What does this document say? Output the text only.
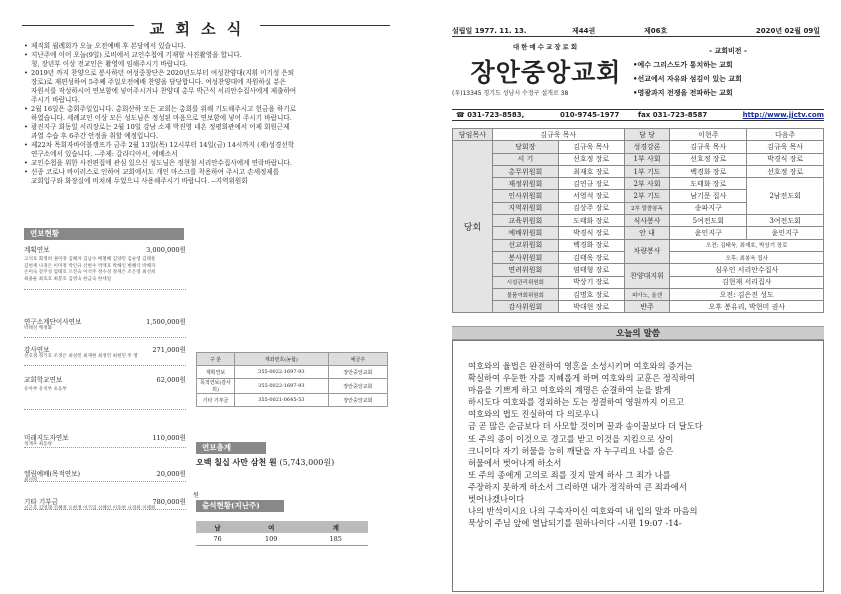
교 회 소 식
• 제직회 월례회가 오늘 오전예배 후 본당에서 있습니다.
• 지난주에 이어 오늘(9일) 로비에서 교인수첩에 기재할 사진촬영을 합니다.
청, 장년부 이상 전교인은 촬영에 임해주시기 바랍니다.
• 2019년 까지 찬양으로 봉사하던 여성중창단은 2020년도부터 여성찬양대(지휘 이기성 은퇴
장로)로 재편성하여 5주째 주일오전예배 찬양을 담당합니다. 여성찬양대에 자원하실 분은
자원서를 작성하시어 연보함에 넣어주시거나 찬양대 총무 박근식 서리안수집사에게 제출하여
주시기 바랍니다.
• 2월 16일은 총회주일입니다. 총회산하 모든 교회는 총회를 위해 기도해주시고 헌금을 하기로
하였습니다. 세례교인 이상 모든 성도님은 정성된 마음으로 연보함에 넣어 주시기 바랍니다.
• 광진지구 회동일 서리장로는 2월 10일 강남 소재 박진영 네온 정평회관에서 어제 회원근제
과열 수습 후 6주간 안정을 취할 예정입니다.
• 제22차 목회자바이블캠프가 금주 2월 13일(목) 12시부터 14일(금) 14시까지 (재)성경선학
연구소에서 있습니다. --주제: 갈라디아서, 에베소서
• 교인수첩을 위한 사전편집에 관심 있으신 성도님은 정현철 서리안수집사에게 연락바랍니다.
• 신종 코로나 바이러스로 인하여 교회에서도 개인 마스크를 착용하여 주시고 손세정제를
교회입구와 화장실에 비치해 두었으니 사용해주시기 바랍니다. --지역위원회
연보현황
계획연보	3,000,000원
고석호 회정희 권미정 김혜자 김남수 배철혜 김양민 김순영 김태훈
김현세 나경은 이미정 박인규 신현수 박재호 박해인 변혜식 박해자
손미숙 강주성 엄태호 오진숙 이석주 정수성 정재은 조은영 최선희
최용운 최호호 최봉호 김영숙 한금숙 한세일
연구소계단이사연보	1,500,000원
박태선 백정화
감사연보	271,000원
선호정 정기호 조정은 최성민 최재현 최정민 최현민 무 명
교회학교연보	62,000원
유아부 유치부 초등부
미래지도자연보	110,000원
정재우 최동락
엘림예배(목적연보)	20,000원
최선희
기타 기부금	780,000원
신근호 김영래 신혜정 오현정 이기업 신혜인 이호현 나경희 이태원
구 분	계좌번호(농협)	예금주
계획연보	355-0022-1697-93	장안중앙교회
목적연보(감사외)	355-0022-1697-93	장안중앙교회
기타 기부금	355-0021-0645-53	장안중앙교회
연보총계
오백 칠십 사만 삼천 원 (5,743,000원)
원
출석현황(지난주)
남	여	계
76	109	185
설립일 1977. 11. 13.	제44권	제06호	2020년 02월 09일
대한예수교장로회
장안중앙교회
(우)13345 경기도 성남시 수정구 설개로 38
- 교회비전 -
•예수 그리스도가 통치하는 교회
•선교에서 자유와 섬김이 있는 교회
•영광과지 전쟁을 전파하는 교회
☎ 031-723-8583,	010-9745-1977	fax 031-723-8587	http://www.jjctv.com
담임목사	김규욱 목사		담 당	이현주	다음주
당회	당회장	김규욱 목사	성경강론	김규욱 목사	김규욱 목사
	서 기	선호정 장로	1부 사회	선호정 장로	박경식 장로
	총무위원회	최재호 장로	1부 기도	백경화 장로	선호정 장로
	재정위원회	김연규 장로	2부 사회	도태화 장로	2남전도회
	인사위원회	서영석 장로	2부 기도	남기문 집사	
	지역위원회	김상주 장로	2부 말씀봉독	송파지구	
	교육위원회	도태화 장로	식사봉사	5여전도회	3여전도회
	예배위원회	박경식 장로	안 내	윤인지구	윤인지구
	선교위원회	백경화 장로	차량봉사	오전: 김태욱, 최재호, 박상기 장로	
	봉사위원회	김태욱 장로		오후: 최봉욱 집사	
	면려위원회	염태형 장로	찬양대지휘	심우인 서리안수집사	
	시설관리위원회	박상기 장로		김현재 서리집사	
	물품여회위원회	김명호 장로	피아노, 올갠	오전: 김은진 성도	
	감사위원회	박대현 장로	반주	오후 봉유리, 박현미 권사	
오늘의 말씀
여호와의 율법은 완전하여 영혼을 소성시키며 여호와의 증거는
확실하여 우둔한 자를 지혜롭게 하며 여호와의 교훈은 정직하여
마음을 기쁘게 하고 여호와의 계명은 순결하여 눈을 밝게
하시도다 여호와를 경외하는 도는 정결하여 영원까지 이르고
여호와의 법도 진실하여 다 의로우니
금 곧 많은 순금보다 더 사모할 것이며 꿀과 송이꿀보다 더 달도다
또 주의 종이 이것으로 경고를 받고 이것을 지킴으로 상이
크니이다 자기 허물을 능히 깨달을 자 누구리요 나를 숨은
허물에서 벗어나게 하소서
또 주의 종에게 고의로 죄를 짓지 말게 하사 그 죄가 나를
주장하지 못하게 하소서 그리하면 내가 정직하여 큰 죄과에서
벗어나겠나이다
나의 반석이시요 나의 구속자이신 여호와여 내 입의 말과 마음의
묵상이 주님 앞에 열납되기를 원하나이다 -시편 19:07 -14-
